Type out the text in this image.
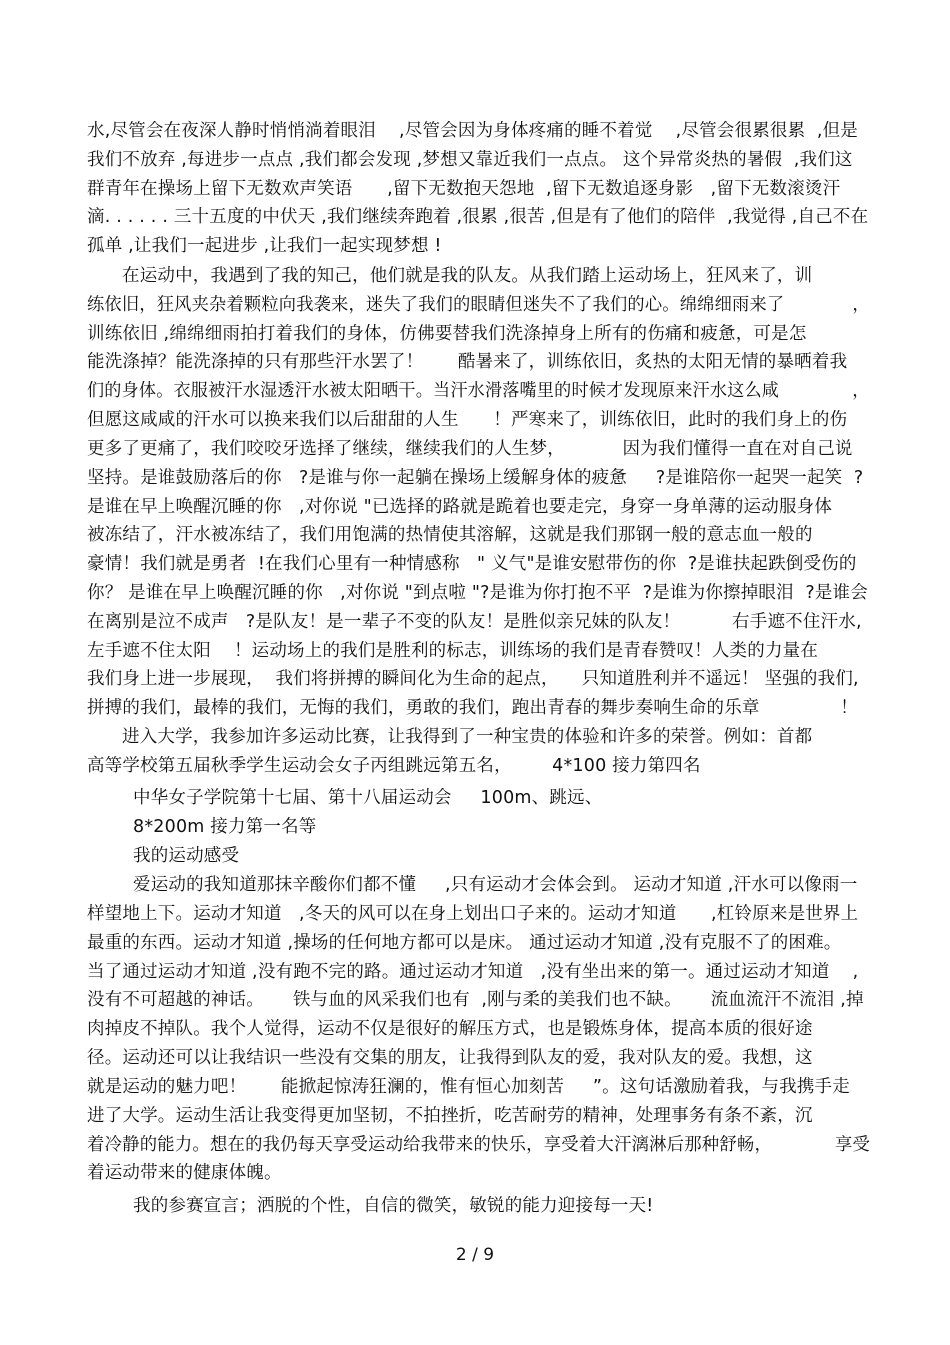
水,尽管会在夜深人静时悄悄淌着眼泪    ,尽管会因为身体疼痛的睡不着觉    ,尽管会很累很累  ,但是
我们不放弃 ,每进步一点点 ,我们都会发现 ,梦想又靠近我们一点点。 这个异常炎热的暑假  ,我们这
群青年在操场上留下无数欢声笑语      ,留下无数抱天怨地  ,留下无数追逐身影   ,留下无数滚烫汗
滴. . . . . . 三十五度的中伏天 ,我们继续奔跑着 ,很累 ,很苦 ,但是有了他们的陪伴  ,我觉得 ,自己不在
孤单 ,让我们一起进步 ,让我们一起实现梦想 !
在运动中，我遇到了我的知己，他们就是我的队友。从我们踏上运动场上，狂风来了，训
练依旧，狂风夹杂着颗粒向我袭来，迷失了我们的眼睛但迷失不了我们的心。绵绵细雨来了            ，
训练依旧 ,绵绵细雨拍打着我们的身体，仿佛要替我们洗涤掉身上所有的伤痛和疲惫，可是怎
能洗涤掉？能洗涤掉的只有那些汗水罢了！      酷暑来了，训练依旧，炙热的太阳无情的暴晒着我
们的身体。衣服被汗水湿透汗水被太阳晒干。当汗水滑落嘴里的时候才发现原来汗水这么咸             ，
但愿这咸咸的汗水可以换来我们以后甜甜的人生      ！严寒来了，训练依旧，此时的我们身上的伤
更多了更痛了，我们咬咬牙选择了继续，继续我们的人生梦，          因为我们懂得一直在对自己说
坚持。是谁鼓励落后的你   ?是谁与你一起躺在操场上缓解身体的疲惫     ?是谁陪你一起哭一起笑  ?
是谁在早上唤醒沉睡的你   ,对你说 "已选择的路就是跪着也要走完，身穿一身单薄的运动服身体
被冻结了，汗水被冻结了，我们用饱满的热情使其溶解，这就是我们那钢一般的意志血一般的
豪情！我们就是勇者  !在我们心里有一种情感称   " 义气"是谁安慰带伤的你  ?是谁扶起跌倒受伤的
你？ 是谁在早上唤醒沉睡的你   ,对你说 "到点啦 "?是谁为你打抱不平  ?是谁为你擦掉眼泪  ?是谁会
在离别是泣不成声   ?是队友！是一辈子不变的队友！是胜似亲兄妹的队友！         右手遮不住汗水,
左手遮不住太阳    ！运动场上的我们是胜利的标志，训练场的我们是青春赞叹！人类的力量在
我们身上进一步展现，  我们将拼搏的瞬间化为生命的起点，    只知道胜利并不遥远！ 坚强的我们,
拼搏的我们，最棒的我们，无悔的我们，勇敢的我们，跑出青春的舞步奏响生命的乐章              ！
进入大学，我参加许多运动比赛，让我得到了一种宝贵的体验和许多的荣誉。例如：首都
高等学校第五届秋季学生运动会女子丙组跳远第五名，       4*100 接力第四名
中华女子学院第十七届、第十八届运动会     100m、跳远、
8*200m 接力第一名等
我的运动感受
爱运动的我知道那抹辛酸你们都不懂     ,只有运动才会体会到。 运动才知道 ,汗水可以像雨一
样望地上下。运动才知道   ,冬天的风可以在身上划出口子来的。运动才知道      ,杠铃原来是世界上
最重的东西。运动才知道 ,操场的任何地方都可以是床。 通过运动才知道 ,没有克服不了的困难。
当了通过运动才知道 ,没有跑不完的路。通过运动才知道   ,没有坐出来的第一。通过运动才知道    ,
没有不可超越的神话。     铁与血的风采我们也有  ,刚与柔的美我们也不缺。     流血流汗不流泪 ,掉
肉掉皮不掉队。我个人觉得，运动不仅是很好的解压方式，也是锻炼身体，提高本质的很好途
径。运动还可以让我结识一些没有交集的朋友，让我得到队友的爱，我对队友的爱。我想，这
就是运动的魅力吧！      能掀起惊涛狂澜的，惟有恒心加刻苦     ”。这句话激励着我，与我携手走
进了大学。运动生活让我变得更加坚韧，不拍挫折，吃苦耐劳的精神，处理事务有条不紊，沉
着冷静的能力。想在的我仍每天享受运动给我带来的快乐，享受着大汗漓淋后那种舒畅，           享受
着运动带来的健康体魄。
我的参赛宣言；洒脱的个性，自信的微笑，敏锐的能力迎接每一天!
2 / 9
